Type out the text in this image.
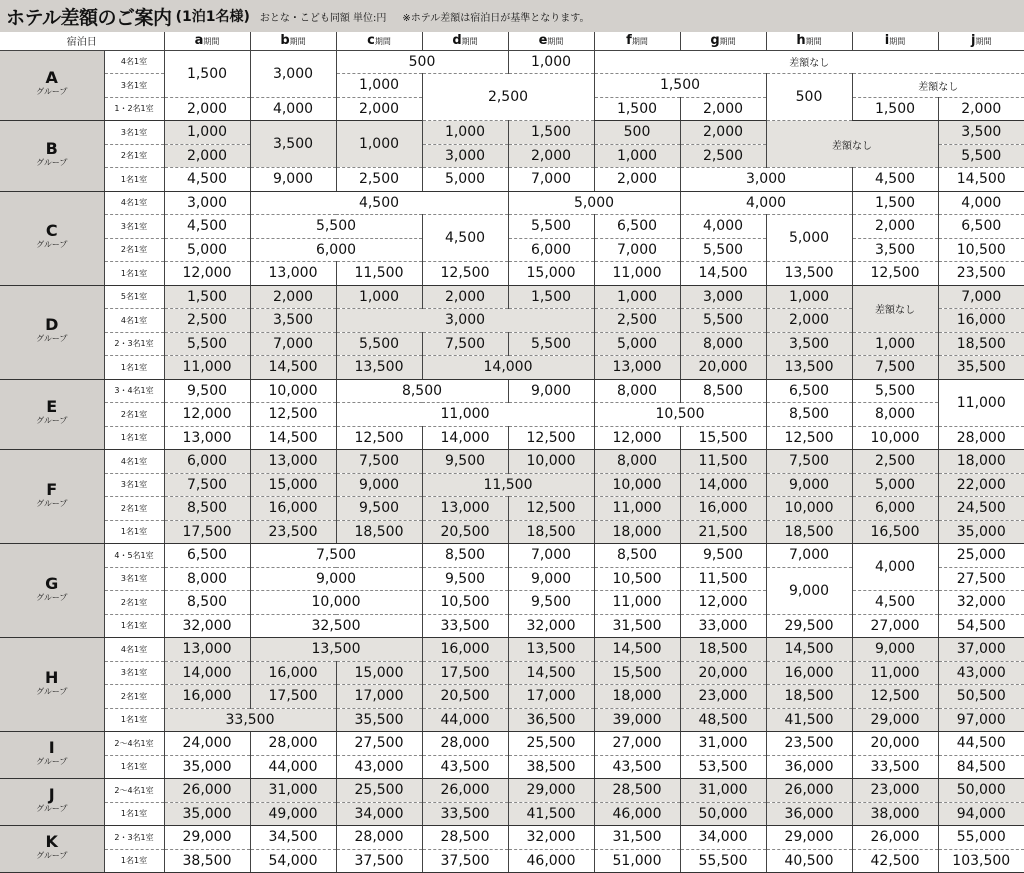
ホテル差額のご案内 (1泊1名様) おとな・こども同額 単位:円 ※ホテル差額は宿泊日が基準となります。
宿泊日		a期間	b期間	c期間	d期間	e期間	f期間	g期間	h期間	i期間	j期間
A
グループ	4名1室	1,500	3,000	500		1,000	差額なし				
	3名1室			1,000	2,500		1,500		500	差額なし	
	1・2名1室	2,000	4,000	2,000			1,500	2,000		1,500	2,000
B
グループ	3名1室	1,000	3,500	1,000	1,000	1,500	500	2,000	差額なし		3,500
	2名1室	2,000			3,000	2,000	1,000	2,500			5,500
	1名1室	4,500	9,000	2,500	5,000	7,000	2,000	3,000		4,500	14,500
C
グループ	4名1室	3,000	4,500			5,000		4,000		1,500	4,000
	3名1室	4,500	5,500		4,500	5,500	6,500	4,000	5,000	2,000	6,500
	2名1室	5,000	6,000			6,000	7,000	5,500		3,500	10,500
	1名1室	12,000	13,000	11,500	12,500	15,000	11,000	14,500	13,500	12,500	23,500
D
グループ	5名1室	1,500	2,000	1,000	2,000	1,500	1,000	3,000	1,000	差額なし	7,000
	4名1室	2,500	3,500	3,000			2,500	5,500	2,000		16,000
	2・3名1室	5,500	7,000	5,500	7,500	5,500	5,000	8,000	3,500	1,000	18,500
	1名1室	11,000	14,500	13,500	14,000		13,000	20,000	13,500	7,500	35,500
E
グループ	3・4名1室	9,500	10,000	8,500		9,000	8,000	8,500	6,500	5,500	11,000
	2名1室	12,000	12,500	11,000			10,500		8,500	8,000	
	1名1室	13,000	14,500	12,500	14,000	12,500	12,000	15,500	12,500	10,000	28,000
F
グループ	4名1室	6,000	13,000	7,500	9,500	10,000	8,000	11,500	7,500	2,500	18,000
	3名1室	7,500	15,000	9,000	11,500		10,000	14,000	9,000	5,000	22,000
	2名1室	8,500	16,000	9,500	13,000	12,500	11,000	16,000	10,000	6,000	24,500
	1名1室	17,500	23,500	18,500	20,500	18,500	18,000	21,500	18,500	16,500	35,000
G
グループ	4・5名1室	6,500	7,500		8,500	7,000	8,500	9,500	7,000	4,000	25,000
	3名1室	8,000	9,000		9,500	9,000	10,500	11,500	9,000		27,500
	2名1室	8,500	10,000		10,500	9,500	11,000	12,000		4,500	32,000
	1名1室	32,000	32,500		33,500	32,000	31,500	33,000	29,500	27,000	54,500
H
グループ	4名1室	13,000	13,500		16,000	13,500	14,500	18,500	14,500	9,000	37,000
	3名1室	14,000	16,000	15,000	17,500	14,500	15,500	20,000	16,000	11,000	43,000
	2名1室	16,000	17,500	17,000	20,500	17,000	18,000	23,000	18,500	12,500	50,500
	1名1室	33,500		35,500	44,000	36,500	39,000	48,500	41,500	29,000	97,000
I
グループ	2～4名1室	24,000	28,000	27,500	28,000	25,500	27,000	31,000	23,500	20,000	44,500
	1名1室	35,000	44,000	43,000	43,500	38,500	43,500	53,500	36,000	33,500	84,500
J
グループ	2～4名1室	26,000	31,000	25,500	26,000	29,000	28,500	31,000	26,000	23,000	50,000
	1名1室	35,000	49,000	34,000	33,500	41,500	46,000	50,000	36,000	38,000	94,000
K
グループ	2・3名1室	29,000	34,500	28,000	28,500	32,000	31,500	34,000	29,000	26,000	55,000
	1名1室	38,500	54,000	37,500	37,500	46,000	51,000	55,500	40,500	42,500	103,500
